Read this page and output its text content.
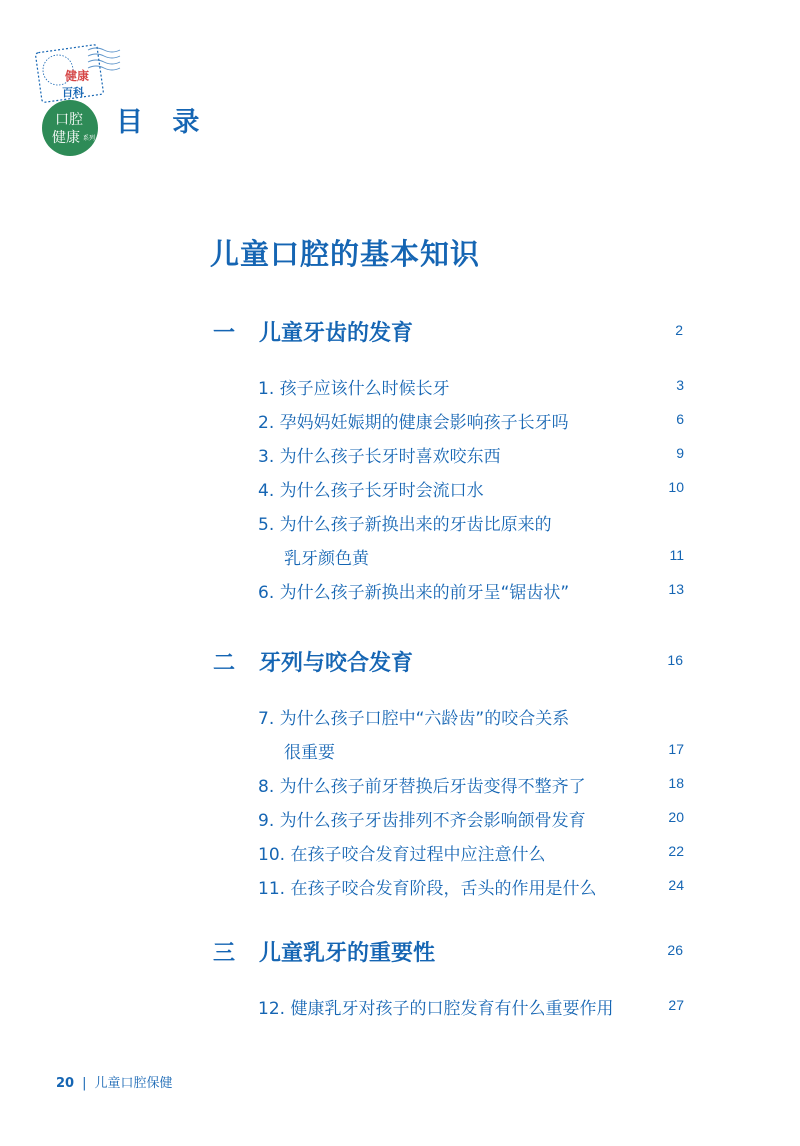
健康
百科
口腔
健康 系列
目 录
儿童口腔的基本知识
一 儿童牙齿的发育	2
1. 孩子应该什么时候长牙	3
2. 孕妈妈妊娠期的健康会影响孩子长牙吗	6
3. 为什么孩子长牙时喜欢咬东西	9
4. 为什么孩子长牙时会流口水	10
5. 为什么孩子新换出来的牙齿比原来的
乳牙颜色黄	11
6. 为什么孩子新换出来的前牙呈“锯齿状”	13
二 牙列与咬合发育	16
7. 为什么孩子口腔中“六龄齿”的咬合关系
很重要	17
8. 为什么孩子前牙替换后牙齿变得不整齐了	18
9. 为什么孩子牙齿排列不齐会影响颌骨发育	20
10. 在孩子咬合发育过程中应注意什么	22
11. 在孩子咬合发育阶段，舌头的作用是什么	24
三 儿童乳牙的重要性	26
12. 健康乳牙对孩子的口腔发育有什么重要作用	27
20 | 儿童口腔保健
